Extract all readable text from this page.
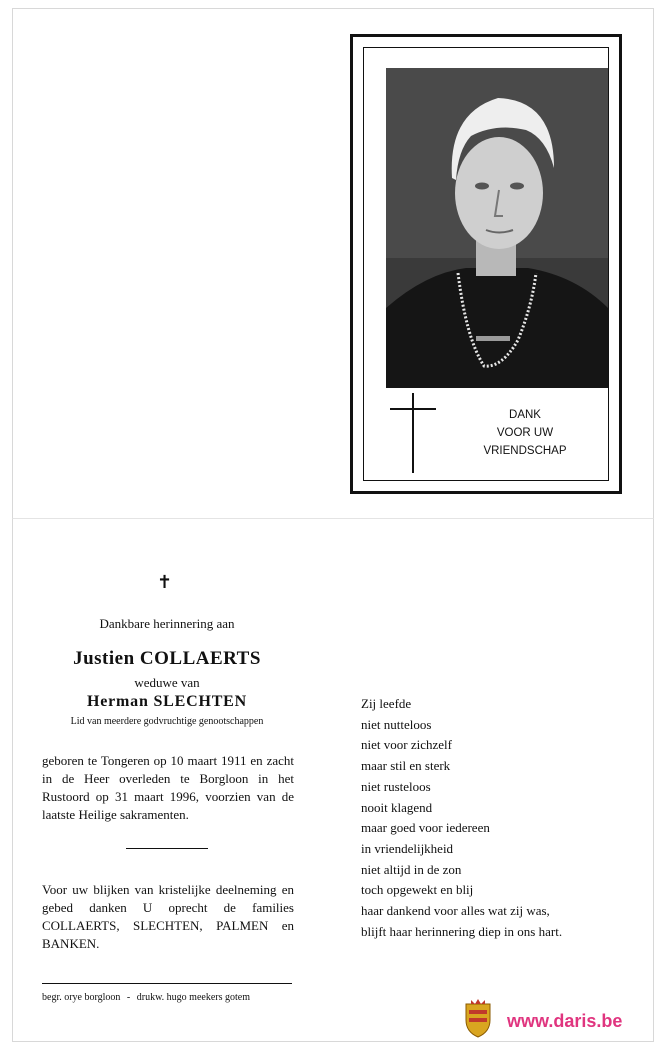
DANK
VOOR UW
VRIENDSCHAP
✝
Dankbare herinnering aan
Justien COLLAERTS
weduwe van
Herman SLECHTEN
Lid van meerdere godvruchtige genootschappen
geboren te Tongeren op 10 maart 1911 en zacht in de Heer overleden te Borgloon in het Rustoord op 31 maart 1996, voorzien van de laatste Heilige sakramenten.
Voor uw blijken van kristelijke deelneming en gebed danken U oprecht de families COLLAERTS, SLECHTEN, PALMEN en BANKEN.
begr. orye borgloon - drukw. hugo meekers gotem
Zij leefde
niet nutteloos
niet voor zichzelf
maar stil en sterk
niet rusteloos
nooit klagend
maar goed voor iedereen
in vriendelijkheid
niet altijd in de zon
toch opgewekt en blij
haar dankend voor alles wat zij was,
blijft haar herinnering diep in ons hart.
www.daris.be
